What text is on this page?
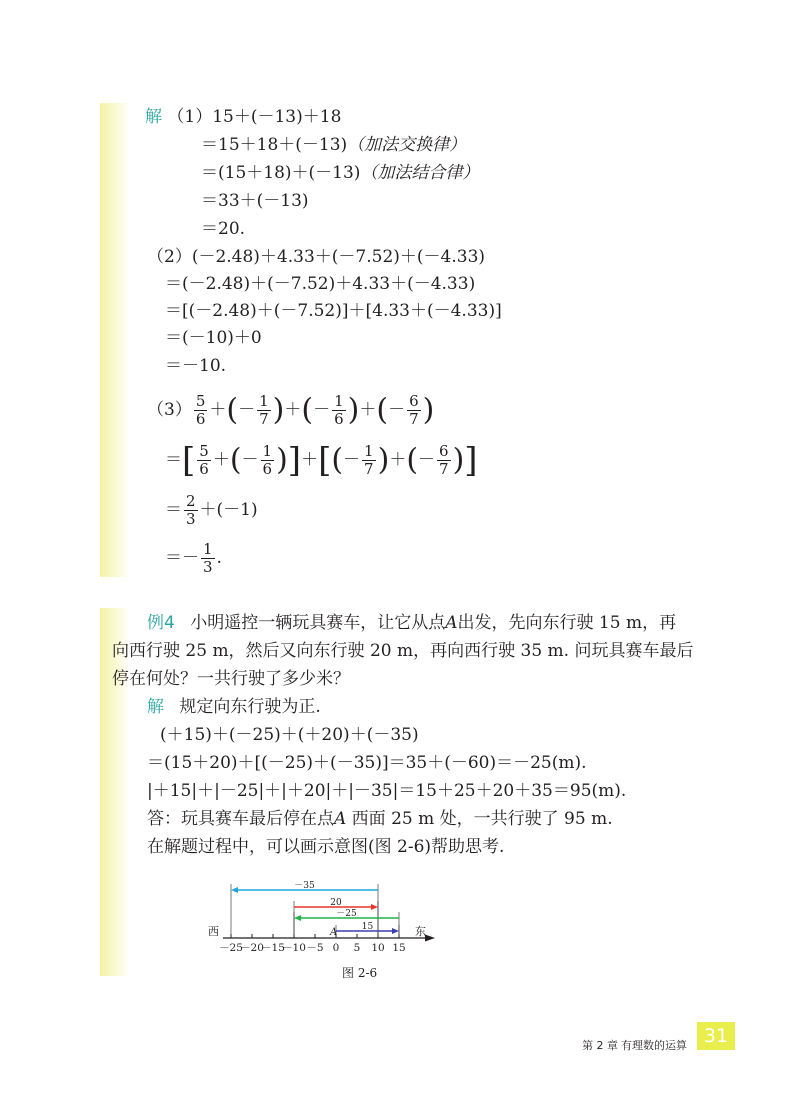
解 （1）15＋(－13)＋18
＝15＋18＋(－13)（加法交换律）
＝(15＋18)＋(－13)（加法结合律）
＝33＋(－13)
＝20.
（2）(－2.48)＋4.33＋(－7.52)＋(－4.33)
＝(－2.48)＋(－7.52)＋4.33＋(－4.33)
＝[(－2.48)＋(－7.52)]＋[4.33＋(－4.33)]
＝(－10)＋0
＝－10.
$(3) \frac{5}{6}$ ＋(－ $\frac{1}{7}$ )＋(－ $\frac{1}{6}$ )＋(－ $\frac{6}{7}$ )
＝[ $\frac{5}{6}$ ＋(－ $\frac{1}{6}$ )]＋[(－ $\frac{1}{7}$ )＋(－ $\frac{6}{7}$ )]
＝ $\frac{2}{3} +(-1)$
＝－ $\frac{1}{3}$ .
例4 小明遥控一辆玩具赛车，让它从点A出发，先向东行驶 15 m，再
向西行驶 25 m，然后又向东行驶 20 m，再向西行驶 35 m. 问玩具赛车最后
停在何处？一共行驶了多少米？
解 规定向东行驶为正.
(＋15)＋(－25)＋(＋20)＋(－35)
＝(15＋20)＋[(－25)＋(－35)]＝35＋(－60)＝－25(m).
|＋15|＋|－25|＋|＋20|＋|－35|＝15＋25＋20＋35＝95(m).
答：玩具赛车最后停在点A 西面 25 m 处，一共行驶了 95 m.
在解题过程中，可以画示意图(图 2-6)帮助思考.
－35
20
－25
15
－25
－20
－15
－10 －5 0 5 10 15
西	东
A
图 2-6
第 2 章 有理数的运算 31
